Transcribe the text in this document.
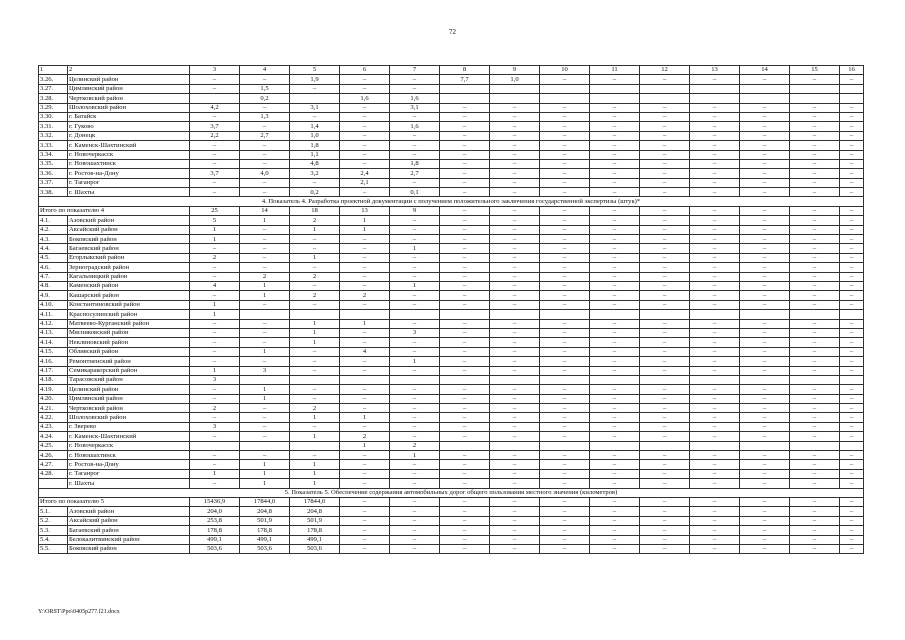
72
1	2	3	4	5	6	7	8	9	10	11	12	13	14	15	16
3.26.	Целинский район	–	–	1,9	–	–	7,7	1,0	–	–	–	–	–	–	–
3.27.	Цимлянский район	–	1,5	–	–	–									
3.28.	Чертковский район		0,2		1,6	1,6									
3.29.	Шолоховский район	4,2	–	3,1	–	3,1	–	–	–	–	–	–	–	–	–
3.30.	г. Батайск	–	1,3	–	–	–	–	–	–	–	–	–	–	–	–
3.31.	г. Гуково	3,7	–	1,4	–	1,6	–	–	–	–	–	–	–	–	–
3.32.	г. Донецк	2,2	2,7	1,0	–	–	–	–	–	–	–	–	–	–	–
3.33.	г. Каменск-Шахтинский	–	–	1,8	–	–	–	–	–	–	–	–	–	–	–
3.34.	г. Новочеркасск	–	–	1,1	–	–	–	–	–	–	–	–	–	–	–
3.35.	г. Новошахтинск	–	–	4,8	–	1,8	–	–	–	–	–	–	–	–	–
3.36.	г. Ростов-на-Дону	3,7	4,0	3,2	2,4	2,7	–	–	–	–	–	–	–	–	–
3.37.	г. Таганрог	–	–	–	2,1	–	–	–	–	–	–	–	–	–	–
3.38.	г. Шахты	–	–	0,2	–	0,1	–	–	–	–	–	–	–	–	–
4. Показатель 4. Разработка проектной документации с получением положительного заключения государственной экспертизы (штук)*															
Итого по показателю 4		25	14	18	13	9	–	–	–	–	–	–	–	–	–
4.1.	Азовский район	5	1	2	1	–	–	–	–	–	–	–	–	–	–
4.2.	Аксайский район	1	–	1	1	–	–	–	–	–	–	–	–	–	–
4.3.	Боковский район	1	–	–	–	–	–	–	–	–	–	–	–	–	–
4.4.	Багаевский район	–	–	–	–	1	–	–	–	–	–	–	–	–	–
4.5.	Егорлыкский район	2	–	1	–	–	–	–	–	–	–	–	–	–	–
4.6.	Зерноградский район	–	–	–	–	–	–	–	–	–	–	–	–	–	–
4.7.	Кагальницкий район	–	2	2	–	–	–	–	–	–	–	–	–	–	–
4.8.	Каменский район	4	1	–	–	1	–	–	–	–	–	–	–	–	–
4.9.	Кашарский район	–	1	2	2	–	–	–	–	–	–	–	–	–	–
4.10.	Константиновский район	1	–	–	–	–	–	–	–	–	–	–	–	–	–
4.11.	Красносулинский район	1													
4.12.	Матвеево-Курганский район	–	–	1	1	–	–	–	–	–	–	–	–	–	–
4.13.	Мясниковский район	–	–	1	–	3	–	–	–	–	–	–	–	–	–
4.14.	Неклиновский район	–	–	1	–	–	–	–	–	–	–	–	–	–	–
4.15.	Обливский район	–	1	–	4	–	–	–	–	–	–	–	–	–	–
4.16.	Ремонтненский район	–	–	–	–	1	–	–	–	–	–	–	–	–	–
4.17.	Семикаракорский район	1	3	–	–	–	–	–	–	–	–	–	–	–	–
4.18.	Тарасовский район	3													
4.19.	Целинский район	–	1	–	–	–	–	–	–	–	–	–	–	–	–
4.20.	Цимлянский район	–	1	–	–	–	–	–	–	–	–	–	–	–	–
4.21.	Чертковский район	2	–	2	–	–	–	–	–	–	–	–	–	–	–
4.22.	Шолоховский район	–	–	1	1	–	–	–	–	–	–	–	–	–	–
4.23.	г. Зверево	3	–	–	–	–	–	–	–	–	–	–	–	–	–
4.24.	г. Каменск-Шахтинский	–	–	1	2	–	–	–	–	–	–	–	–	–	–
4.25.	г. Новочеркасск				1	2									
4.26.	г. Новошахтинск	–	–	–	–	1	–	–	–	–	–	–	–	–	–
4.27.	г. Ростов-на-Дону	–	1	1	–	–	–	–	–	–	–	–	–	–	–
4.28.	г. Таганрог	1	1	1	–	–	–	–	–	–	–	–	–	–	–
	г. Шахты	–	1	1	–	–	–	–	–	–	–	–	–	–	–
5. Показатель 5. Обеспечение содержания автомобильных дорог общего пользования местного значения (километров)															
Итого по показателю 5		15436,9	17844,0	17844,0	–	–	–	–	–	–	–	–	–	–	–
5.1.	Азовский район	204,0	204,8	204,8	–	–	–	–	–	–	–	–	–	–	–
5.2.	Аксайский район	253,8	501,9	501,9	–	–	–	–	–	–	–	–	–	–	–
5.3.	Багаевский район	178,8	178,8	178,8	–	–	–	–	–	–	–	–	–	–	–
5.4.	Белокалитвинский район	499,1	499,1	499,1	–	–	–	–	–	–	–	–	–	–	–
5.5.	Боковский район	503,6	503,6	503,6	–	–	–	–	–	–	–	–	–	–	–
Y:\ORST\Ppo\0405p277.f21.docx
